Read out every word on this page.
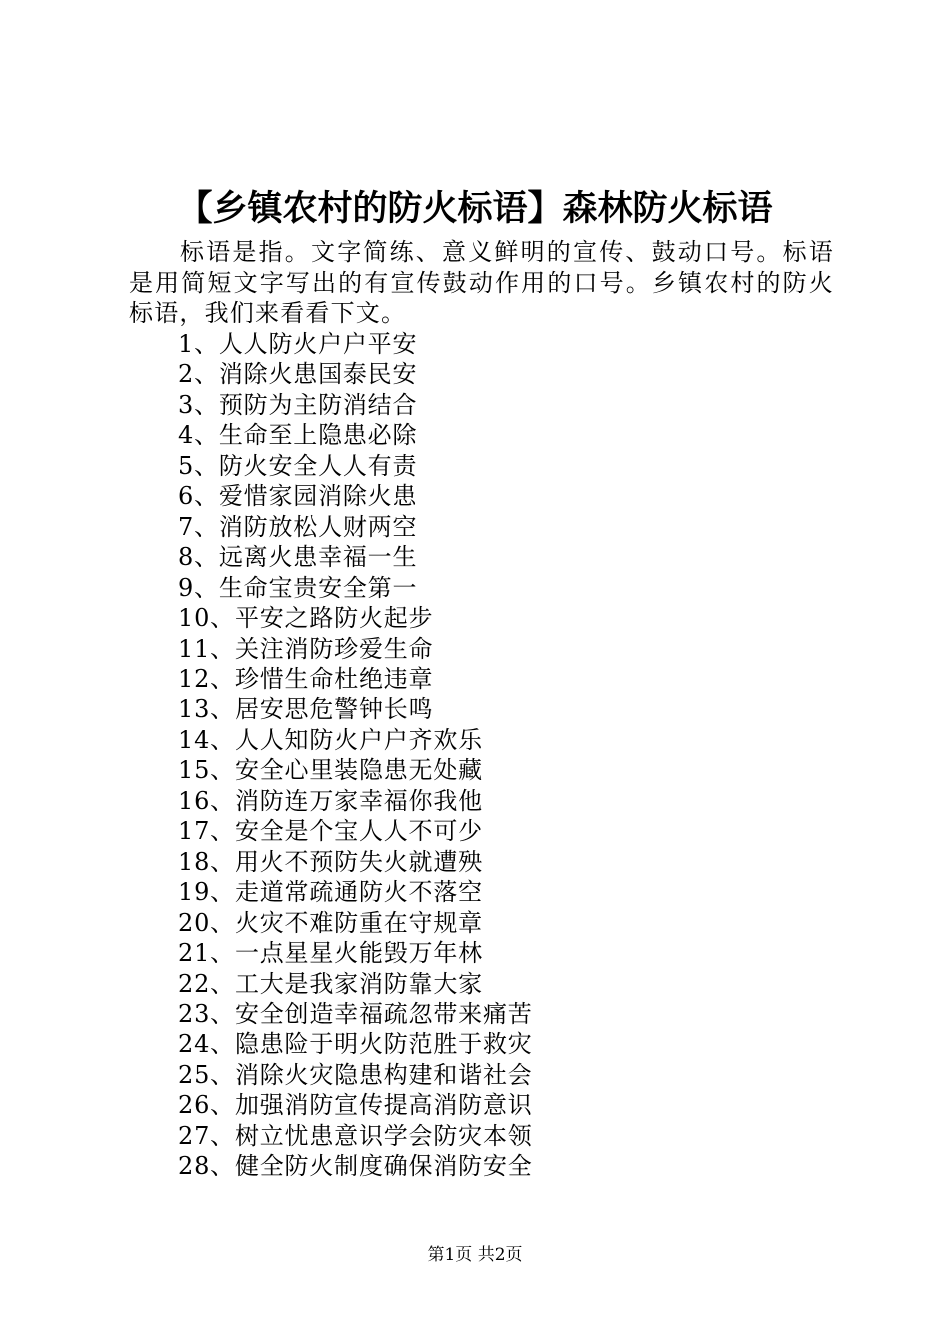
【乡镇农村的防火标语】森林防火标语
标语是指。文字简练、意义鲜明的宣传、鼓动口号。标语是用简短文字写出的有宣传鼓动作用的口号。乡镇农村的防火标语，我们来看看下文。
1、人人防火户户平安
2、消除火患国泰民安
3、预防为主防消结合
4、生命至上隐患必除
5、防火安全人人有责
6、爱惜家园消除火患
7、消防放松人财两空
8、远离火患幸福一生
9、生命宝贵安全第一
10、平安之路防火起步
11、关注消防珍爱生命
12、珍惜生命杜绝违章
13、居安思危警钟长鸣
14、人人知防火户户齐欢乐
15、安全心里装隐患无处藏
16、消防连万家幸福你我他
17、安全是个宝人人不可少
18、用火不预防失火就遭殃
19、走道常疏通防火不落空
20、火灾不难防重在守规章
21、一点星星火能毁万年林
22、工大是我家消防靠大家
23、安全创造幸福疏忽带来痛苦
24、隐患险于明火防范胜于救灾
25、消除火灾隐患构建和谐社会
26、加强消防宣传提高消防意识
27、树立忧患意识学会防灾本领
28、健全防火制度确保消防安全
第1页 共2页
